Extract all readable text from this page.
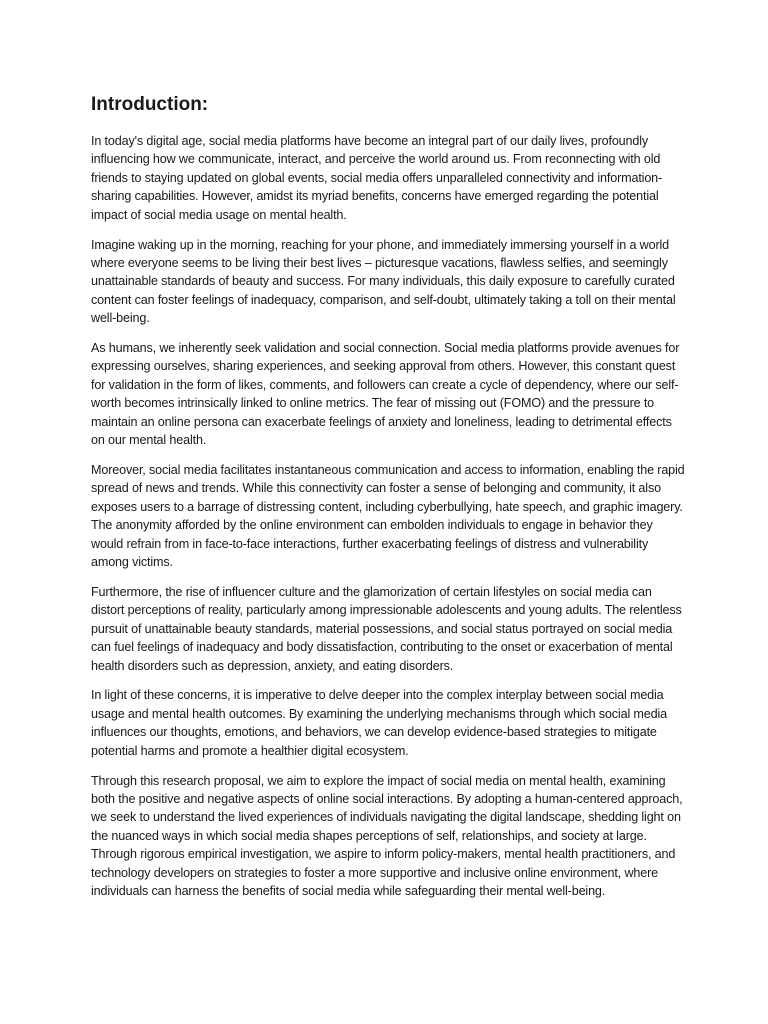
Introduction:

In today's digital age, social media platforms have become an integral part of our daily lives, profoundly influencing how we communicate, interact, and perceive the world around us. From reconnecting with old friends to staying updated on global events, social media offers unparalleled connectivity and information-sharing capabilities. However, amidst its myriad benefits, concerns have emerged regarding the potential impact of social media usage on mental health.

Imagine waking up in the morning, reaching for your phone, and immediately immersing yourself in a world where everyone seems to be living their best lives – picturesque vacations, flawless selfies, and seemingly unattainable standards of beauty and success. For many individuals, this daily exposure to carefully curated content can foster feelings of inadequacy, comparison, and self-doubt, ultimately taking a toll on their mental well-being.

As humans, we inherently seek validation and social connection. Social media platforms provide avenues for expressing ourselves, sharing experiences, and seeking approval from others. However, this constant quest for validation in the form of likes, comments, and followers can create a cycle of dependency, where our self-worth becomes intrinsically linked to online metrics. The fear of missing out (FOMO) and the pressure to maintain an online persona can exacerbate feelings of anxiety and loneliness, leading to detrimental effects on our mental health.

Moreover, social media facilitates instantaneous communication and access to information, enabling the rapid spread of news and trends. While this connectivity can foster a sense of belonging and community, it also exposes users to a barrage of distressing content, including cyberbullying, hate speech, and graphic imagery. The anonymity afforded by the online environment can embolden individuals to engage in behavior they would refrain from in face-to-face interactions, further exacerbating feelings of distress and vulnerability among victims.

Furthermore, the rise of influencer culture and the glamorization of certain lifestyles on social media can distort perceptions of reality, particularly among impressionable adolescents and young adults. The relentless pursuit of unattainable beauty standards, material possessions, and social status portrayed on social media can fuel feelings of inadequacy and body dissatisfaction, contributing to the onset or exacerbation of mental health disorders such as depression, anxiety, and eating disorders.

In light of these concerns, it is imperative to delve deeper into the complex interplay between social media usage and mental health outcomes. By examining the underlying mechanisms through which social media influences our thoughts, emotions, and behaviors, we can develop evidence-based strategies to mitigate potential harms and promote a healthier digital ecosystem.

Through this research proposal, we aim to explore the impact of social media on mental health, examining both the positive and negative aspects of online social interactions. By adopting a human-centered approach, we seek to understand the lived experiences of individuals navigating the digital landscape, shedding light on the nuanced ways in which social media shapes perceptions of self, relationships, and society at large. Through rigorous empirical investigation, we aspire to inform policy-makers, mental health practitioners, and technology developers on strategies to foster a more supportive and inclusive online environment, where individuals can harness the benefits of social media while safeguarding their mental well-being.
